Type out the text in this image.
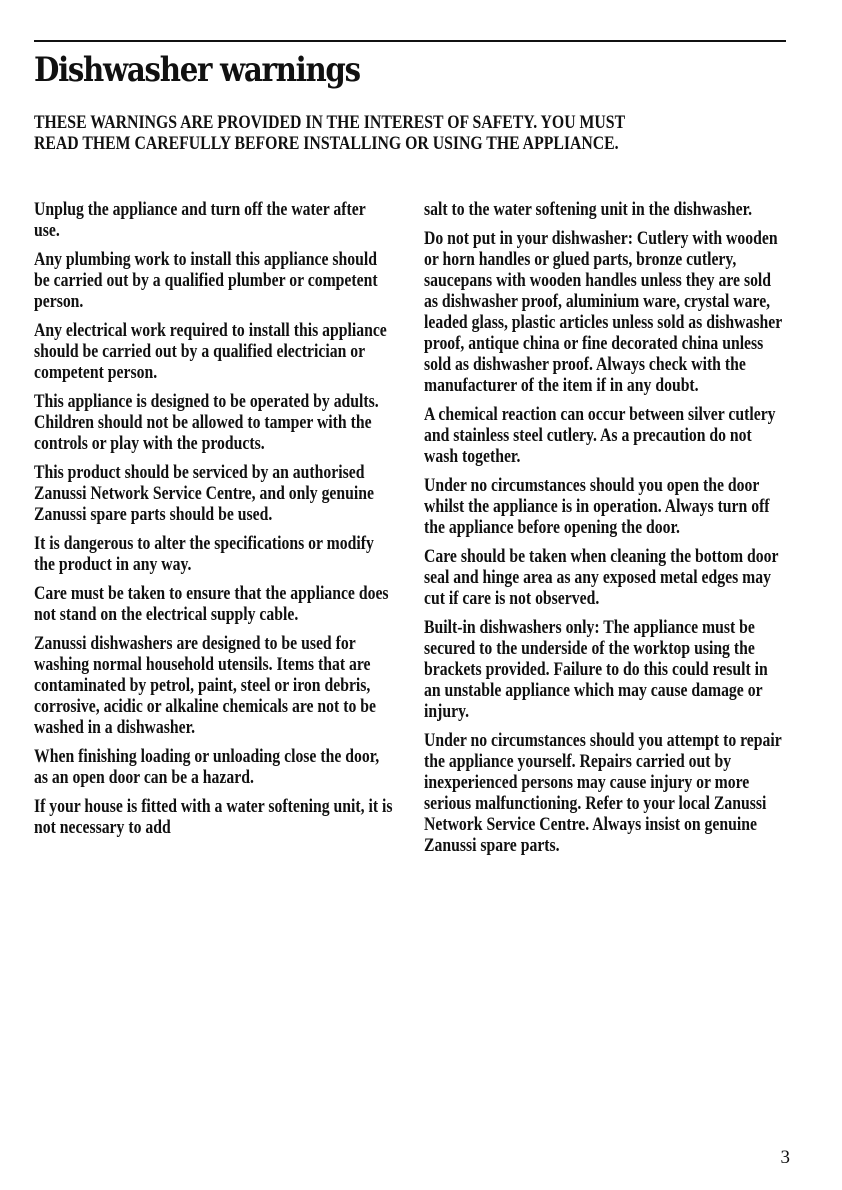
Dishwasher warnings
THESE WARNINGS ARE PROVIDED IN THE INTEREST OF SAFETY. YOU MUST
READ THEM CAREFULLY BEFORE INSTALLING OR USING THE APPLIANCE.

Unplug the appliance and turn off the water after use.

Any plumbing work to install this appliance should be carried out by a qualified plumber or competent person.

Any electrical work required to install this appliance should be carried out by a qualified electrician or competent person.

This appliance is designed to be operated by adults. Children should not be allowed to tamper with the controls or play with the products.

This product should be serviced by an authorised Zanussi Network Service Centre, and only genuine Zanussi spare parts should be used.

It is dangerous to alter the specifications or modify the product in any way.

Care must be taken to ensure that the appliance does not stand on the electrical supply cable.

Zanussi dishwashers are designed to be used for washing normal household utensils. Items that are contaminated by petrol, paint, steel or iron debris, corrosive, acidic or alkaline chemicals are not to be washed in a dishwasher.

When finishing loading or unloading close the door, as an open door can be a hazard.

If your house is fitted with a water softening unit, it is not necessary to add

salt to the water softening unit in the dishwasher.

Do not put in your dishwasher: Cutlery with wooden or horn handles or glued parts, bronze cutlery, saucepans with wooden handles unless they are sold as dishwasher proof, aluminium ware, crystal ware, leaded glass, plastic articles unless sold as dishwasher proof, antique china or fine decorated china unless sold as dishwasher proof. Always check with the manufacturer of the item if in any doubt.

A chemical reaction can occur between silver cutlery and stainless steel cutlery. As a precaution do not wash together.

Under no circumstances should you open the door whilst the appliance is in operation. Always turn off the appliance before opening the door.

Care should be taken when cleaning the bottom door seal and hinge area as any exposed metal edges may cut if care is not observed.

Built-in dishwashers only: The appliance must be secured to the underside of the worktop using the brackets provided. Failure to do this could result in an unstable appliance which may cause damage or injury.

Under no circumstances should you attempt to repair the appliance yourself. Repairs carried out by inexperienced persons may cause injury or more serious malfunctioning. Refer to your local Zanussi Network Service Centre. Always insist on genuine Zanussi spare parts.

3
